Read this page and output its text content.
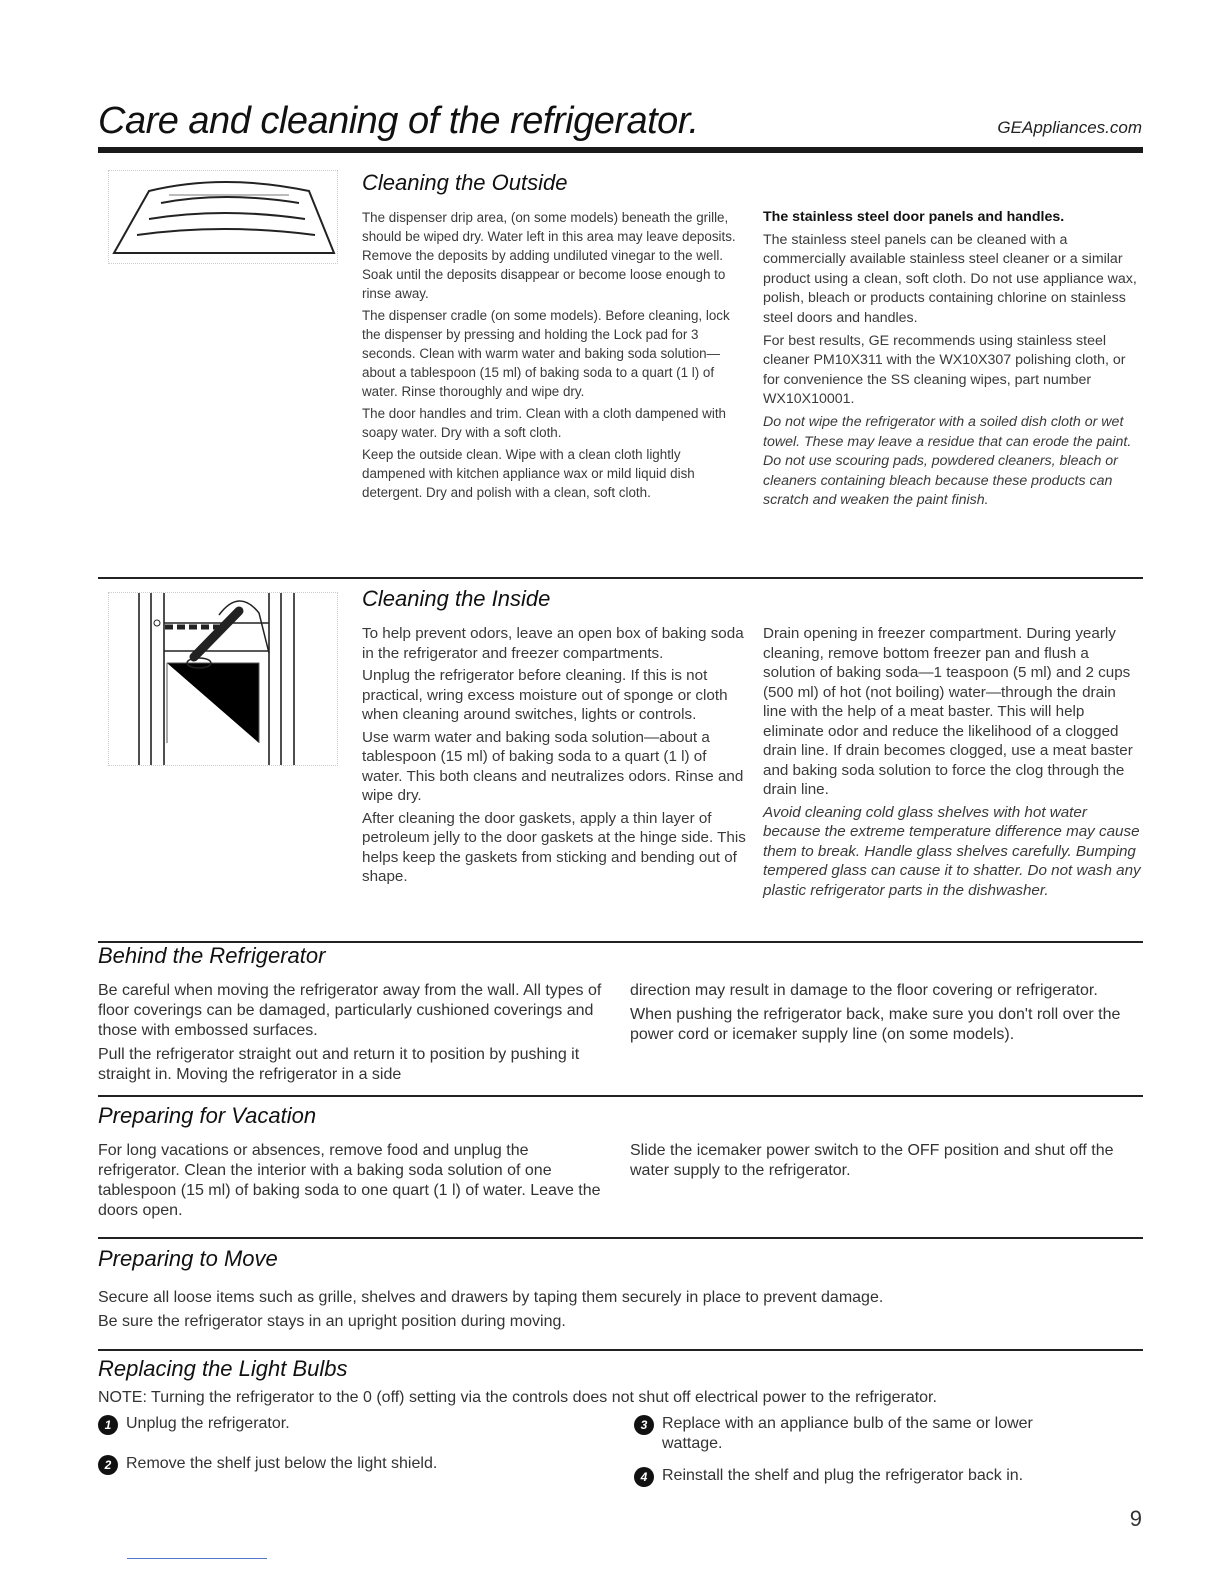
Care and cleaning of the refrigerator.	GEAppliances.com
Cleaning the Outside

The dispenser drip area, (on some models) beneath the grille, should be wiped dry. Water left in this area may leave deposits. Remove the deposits by adding undiluted vinegar to the well. Soak until the deposits disappear or become loose enough to rinse away.

The dispenser cradle (on some models). Before cleaning, lock the dispenser by pressing and holding the Lock pad for 3 seconds. Clean with warm water and baking soda solution—about a tablespoon (15 ml) of baking soda to a quart (1 l) of water. Rinse thoroughly and wipe dry.

The door handles and trim. Clean with a cloth dampened with soapy water. Dry with a soft cloth.

Keep the outside clean. Wipe with a clean cloth lightly dampened with kitchen appliance wax or mild liquid dish detergent. Dry and polish with a clean, soft cloth.

The stainless steel door panels and handles.

The stainless steel panels can be cleaned with a commercially available stainless steel cleaner or a similar product using a clean, soft cloth. Do not use appliance wax, polish, bleach or products containing chlorine on stainless steel doors and handles.

For best results, GE recommends using stainless steel cleaner PM10X311 with the WX10X307 polishing cloth, or for convenience the SS cleaning wipes, part number WX10X10001.

Do not wipe the refrigerator with a soiled dish cloth or wet towel. These may leave a residue that can erode the paint. Do not use scouring pads, powdered cleaners, bleach or cleaners containing bleach because these products can scratch and weaken the paint finish.

Cleaning the Inside

To help prevent odors, leave an open box of baking soda in the refrigerator and freezer compartments.

Unplug the refrigerator before cleaning. If this is not practical, wring excess moisture out of sponge or cloth when cleaning around switches, lights or controls.

Use warm water and baking soda solution—about a tablespoon (15 ml) of baking soda to a quart (1 l) of water. This both cleans and neutralizes odors. Rinse and wipe dry.

After cleaning the door gaskets, apply a thin layer of petroleum jelly to the door gaskets at the hinge side. This helps keep the gaskets from sticking and bending out of shape.

Drain opening in freezer compartment. During yearly cleaning, remove bottom freezer pan and flush a solution of baking soda—1 teaspoon (5 ml) and 2 cups (500 ml) of hot (not boiling) water—through the drain line with the help of a meat baster. This will help eliminate odor and reduce the likelihood of a clogged drain line. If drain becomes clogged, use a meat baster and baking soda solution to force the clog through the drain line.

Avoid cleaning cold glass shelves with hot water because the extreme temperature difference may cause them to break. Handle glass shelves carefully. Bumping tempered glass can cause it to shatter. Do not wash any plastic refrigerator parts in the dishwasher.

Behind the Refrigerator

Be careful when moving the refrigerator away from the wall. All types of floor coverings can be damaged, particularly cushioned coverings and those with embossed surfaces.

Pull the refrigerator straight out and return it to position by pushing it straight in. Moving the refrigerator in a side

direction may result in damage to the floor covering or refrigerator.

When pushing the refrigerator back, make sure you don't roll over the power cord or icemaker supply line (on some models).

Preparing for Vacation
For long vacations or absences, remove food and unplug the refrigerator. Clean the interior with a baking soda solution of one tablespoon (15 ml) of baking soda to one quart (1 l) of water. Leave the doors open.
Slide the icemaker power switch to the OFF position and shut off the water supply to the refrigerator.
Preparing to Move
Secure all loose items such as grille, shelves and drawers by taping them securely in place to prevent damage.
Be sure the refrigerator stays in an upright position during moving.
Replacing the Light Bulbs
NOTE: Turning the refrigerator to the 0 (off) setting via the controls does not shut off electrical power to the refrigerator.
1 Unplug the refrigerator.
2 Remove the shelf just below the light shield.
3 Replace with an appliance bulb of the same or lower wattage.
4 Reinstall the shelf and plug the refrigerator back in.
9
